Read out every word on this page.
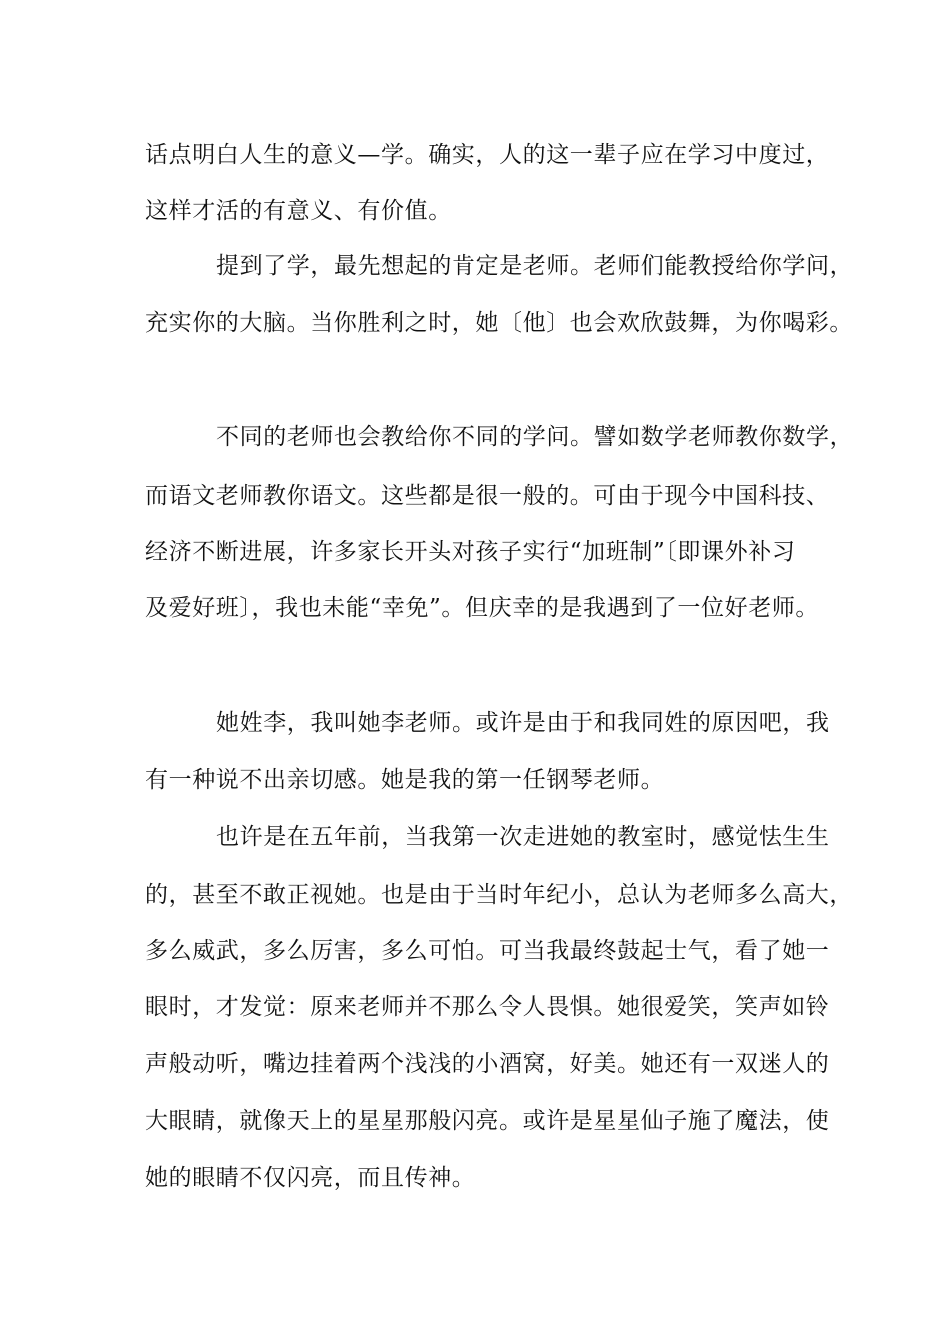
话点明白人生的意义—学。确实，人的这一辈子应在学习中度过，
这样才活的有意义、有价值。
提到了学，最先想起的肯定是老师。老师们能教授给你学问，
充实你的大脑。当你胜利之时，她〔他〕也会欢欣鼓舞，为你喝彩。
不同的老师也会教给你不同的学问。譬如数学老师教你数学，
而语文老师教你语文。这些都是很一般的。可由于现今中国科技、
经济不断进展，许多家长开头对孩子实行“加班制”〔即课外补习
及爱好班〕，我也未能“幸免”。但庆幸的是我遇到了一位好老师。
她姓李，我叫她李老师。或许是由于和我同姓的原因吧，我
有一种说不出亲切感。她是我的第一任钢琴老师。
也许是在五年前，当我第一次走进她的教室时，感觉怯生生
的，甚至不敢正视她。也是由于当时年纪小，总认为老师多么高大，
多么威武，多么厉害，多么可怕。可当我最终鼓起士气，看了她一
眼时，才发觉：原来老师并不那么令人畏惧。她很爱笑，笑声如铃
声般动听，嘴边挂着两个浅浅的小酒窝，好美。她还有一双迷人的
大眼睛，就像天上的星星那般闪亮。或许是星星仙子施了魔法，使
她的眼睛不仅闪亮，而且传神。
